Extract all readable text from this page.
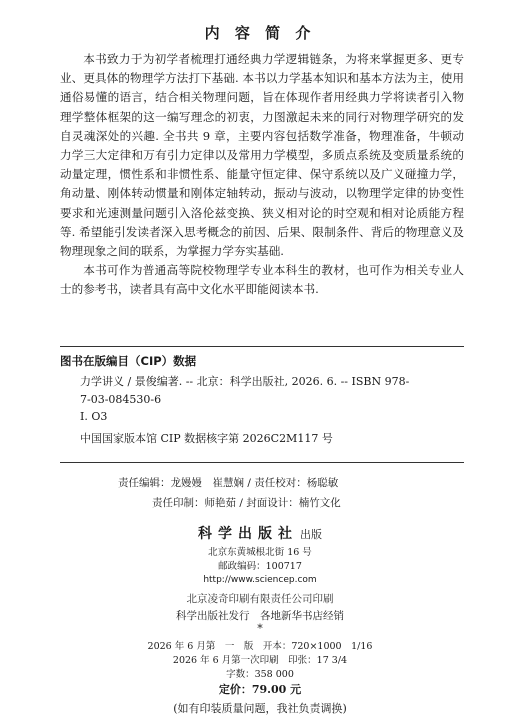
内 容 简 介

本书致力于为初学者梳理打通经典力学逻辑链条，为将来掌握更多、更专业、更具体的物理学方法打下基础. 本书以力学基本知识和基本方法为主，使用通俗易懂的语言，结合相关物理问题，旨在体现作者用经典力学将读者引入物理学整体框架的这一编写理念的初衷，力图激起未来的同行对物理学研究的发自灵魂深处的兴趣. 全书共 9 章，主要内容包括数学准备，物理准备，牛顿动力学三大定律和万有引力定律以及常用力学模型，多质点系统及变质量系统的动量定理，惯性系和非惯性系、能量守恒定律、保守系统以及广义碰撞力学，角动量、刚体转动惯量和刚体定轴转动，振动与波动，以物理学定律的协变性要求和光速测量问题引入洛伦兹变换、狭义相对论的时空观和相对论质能方程等. 希望能引发读者深入思考概念的前因、后果、限制条件、背后的物理意义及物理现象之间的联系，为掌握力学夯实基础.

本书可作为普通高等院校物理学专业本科生的教材，也可作为相关专业人士的参考书，读者具有高中文化水平即能阅读本书.

图书在版编目（CIP）数据
力学讲义 / 景俊编著. -- 北京：科学出版社, 2026. 6. -- ISBN 978-
7-03-084530-6
Ⅰ. O3
中国国家版本馆 CIP 数据核字第 2026C2M117 号
责任编辑：龙嫚嫚　崔慧娴 / 责任校对：杨聪敏
责任印制：师艳茹 / 封面设计：楠竹文化
科学出版社 出版
北京东黄城根北街 16 号
邮政编码：100717
http://www.sciencep.com
北京凌奇印刷有限责任公司印刷
科学出版社发行　各地新华书店经销
*
2026 年 6 月第　一　版　开本：720×1000　1/16
2026 年 6 月第一次印刷　印张：17 3/4
字数：358 000
定价：79.00 元
(如有印装质量问题，我社负责调换)
